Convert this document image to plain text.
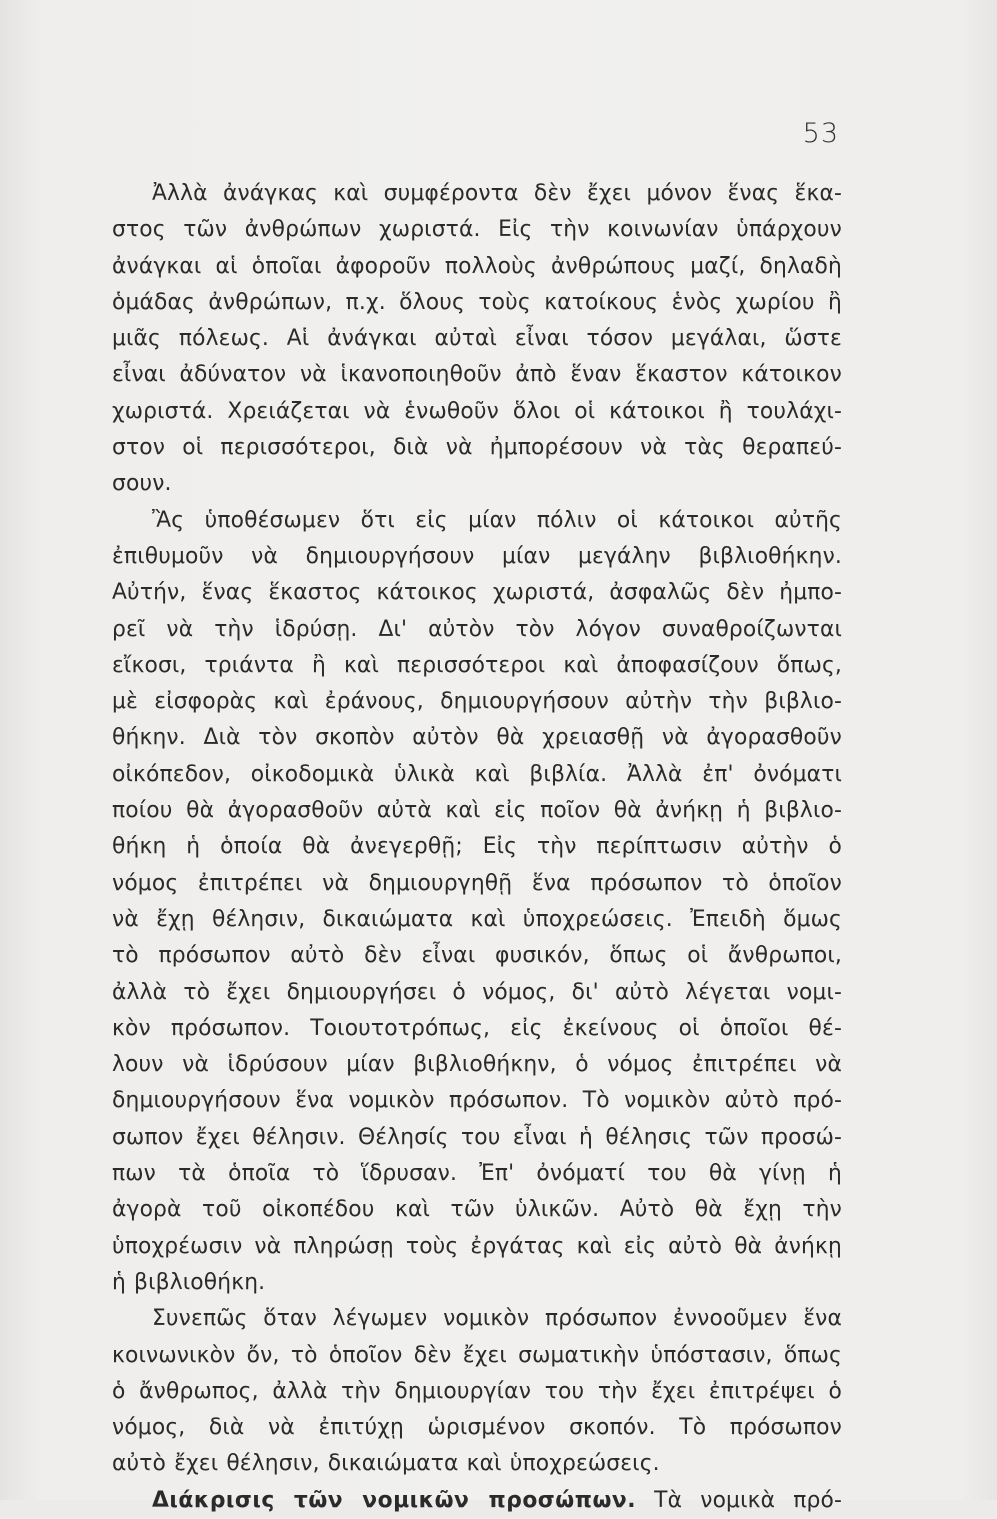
53
Ἀλλὰ ἀνάγκας καὶ συμφέροντα δὲν ἔχει μόνον ἕνας ἕκα-
στος τῶν ἀνθρώπων χωριστά. Εἰς τὴν κοινωνίαν ὑπάρχουν
ἀνάγκαι αἱ ὁποῖαι ἀφοροῦν πολλοὺς ἀνθρώπους μαζί, δηλαδὴ
ὁμάδας ἀνθρώπων, π.χ. ὅλους τοὺς κατοίκους ἑνὸς χωρίου ἢ
μιᾶς πόλεως. Αἱ ἀνάγκαι αὐταὶ εἶναι τόσον μεγάλαι, ὥστε
εἶναι ἀδύνατον νὰ ἱκανοποιηθοῦν ἀπὸ ἕναν ἕκαστον κάτοικον
χωριστά. Χρειάζεται νὰ ἑνωθοῦν ὅλοι οἱ κάτοικοι ἢ τουλάχι-
στον οἱ περισσότεροι, διὰ νὰ ἠμπορέσουν νὰ τὰς θεραπεύ-
σουν.
Ἂς ὑποθέσωμεν ὅτι εἰς μίαν πόλιν οἱ κάτοικοι αὐτῆς
ἐπιθυμοῦν νὰ δημιουργήσουν μίαν μεγάλην βιβλιοθήκην.
Αὐτήν, ἕνας ἕκαστος κάτοικος χωριστά, ἀσφαλῶς δὲν ἠμπο-
ρεῖ νὰ τὴν ἱδρύσῃ. Δι' αὐτὸν τὸν λόγον συναθροίζωνται
εἴκοσι, τριάντα ἢ καὶ περισσότεροι καὶ ἀποφασίζουν ὅπως,
μὲ εἰσφορὰς καὶ ἐράνους, δημιουργήσουν αὐτὴν τὴν βιβλιο-
θήκην. Διὰ τὸν σκοπὸν αὐτὸν θὰ χρειασθῇ νὰ ἀγορασθοῦν
οἰκόπεδον, οἰκοδομικὰ ὑλικὰ καὶ βιβλία. Ἀλλὰ ἐπ' ὀνόματι
ποίου θὰ ἀγορασθοῦν αὐτὰ καὶ εἰς ποῖον θὰ ἀνήκῃ ἡ βιβλιο-
θήκη ἡ ὁποία θὰ ἀνεγερθῇ; Εἰς τὴν περίπτωσιν αὐτὴν ὁ
νόμος ἐπιτρέπει νὰ δημιουργηθῇ ἕνα πρόσωπον τὸ ὁποῖον
νὰ ἔχῃ θέλησιν, δικαιώματα καὶ ὑποχρεώσεις. Ἐπειδὴ ὅμως
τὸ πρόσωπον αὐτὸ δὲν εἶναι φυσικόν, ὅπως οἱ ἄνθρωποι,
ἀλλὰ τὸ ἔχει δημιουργήσει ὁ νόμος, δι' αὐτὸ λέγεται νομι-
κὸν πρόσωπον. Τοιουτοτρόπως, εἰς ἐκείνους οἱ ὁποῖοι θέ-
λουν νὰ ἱδρύσουν μίαν βιβλιοθήκην, ὁ νόμος ἐπιτρέπει νὰ
δημιουργήσουν ἕνα νομικὸν πρόσωπον. Τὸ νομικὸν αὐτὸ πρό-
σωπον ἔχει θέλησιν. Θέλησίς του εἶναι ἡ θέλησις τῶν προσώ-
πων τὰ ὁποῖα τὸ ἵδρυσαν. Ἐπ' ὀνόματί του θὰ γίνῃ ἡ
ἀγορὰ τοῦ οἰκοπέδου καὶ τῶν ὑλικῶν. Αὐτὸ θὰ ἔχῃ τὴν
ὑποχρέωσιν νὰ πληρώσῃ τοὺς ἐργάτας καὶ εἰς αὐτὸ θὰ ἀνήκῃ
ἡ βιβλιοθήκη.
Συνεπῶς ὅταν λέγωμεν νομικὸν πρόσωπον ἐννοοῦμεν ἕνα
κοινωνικὸν ὄν, τὸ ὁποῖον δὲν ἔχει σωματικὴν ὑπόστασιν, ὅπως
ὁ ἄνθρωπος, ἀλλὰ τὴν δημιουργίαν του τὴν ἔχει ἐπιτρέψει ὁ
νόμος, διὰ νὰ ἐπιτύχῃ ὡρισμένον σκοπόν. Τὸ πρόσωπον
αὐτὸ ἔχει θέλησιν, δικαιώματα καὶ ὑποχρεώσεις.
Διάκρισις τῶν νομικῶν προσώπων. Τὰ νομικὰ πρό-
